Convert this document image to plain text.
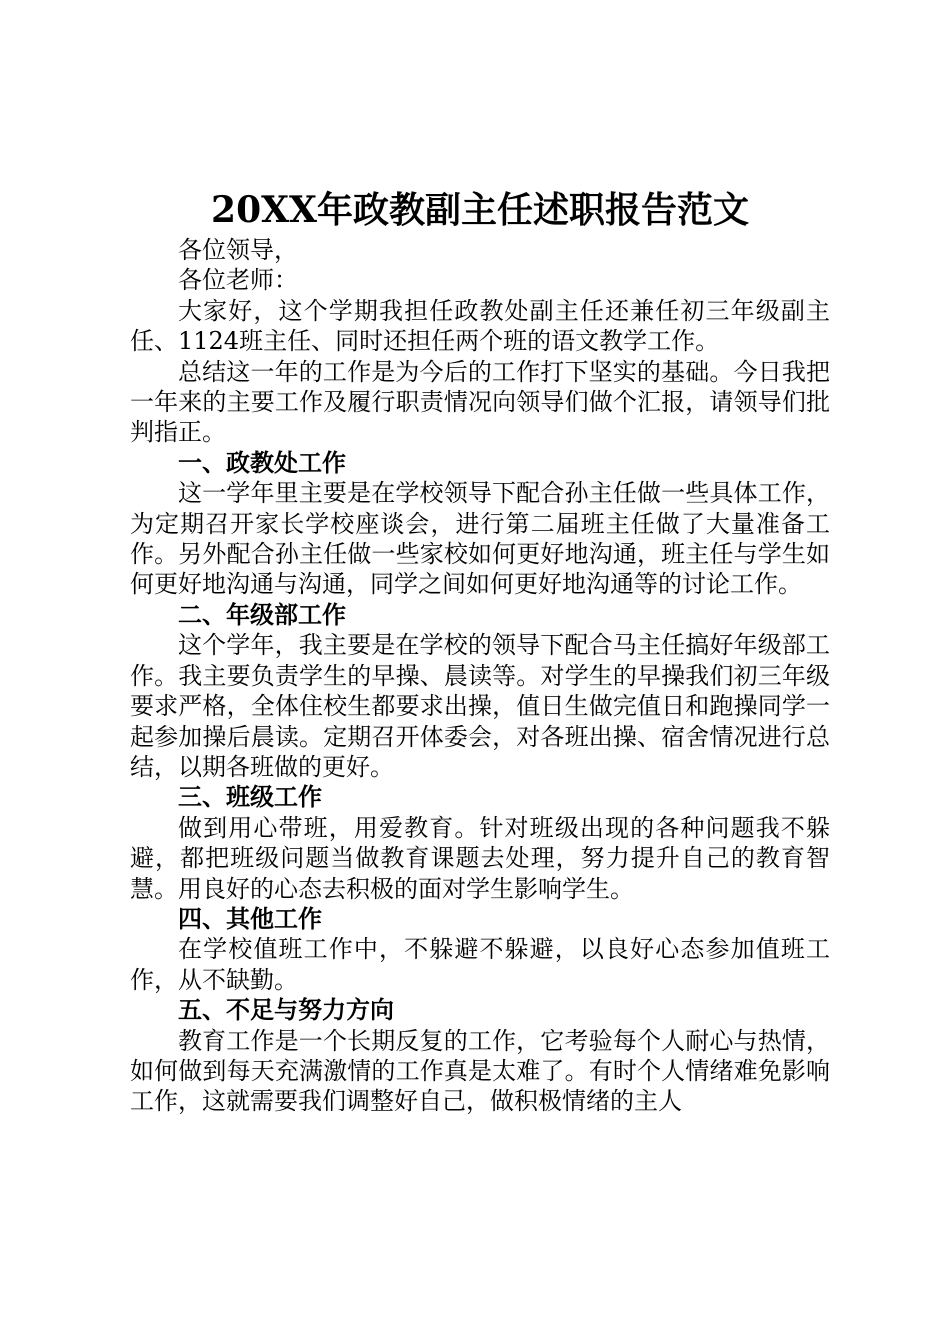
20XX年政教副主任述职报告范文

各位领导，

各位老师：

大家好，这个学期我担任政教处副主任还兼任初三年级副主任、1124班主任、同时还担任两个班的语文教学工作。

总结这一年的工作是为今后的工作打下坚实的基础。今日我把一年来的主要工作及履行职责情况向领导们做个汇报，请领导们批判指正。

一、政教处工作

这一学年里主要是在学校领导下配合孙主任做一些具体工作，为定期召开家长学校座谈会，进行第二届班主任做了大量准备工作。另外配合孙主任做一些家校如何更好地沟通，班主任与学生如何更好地沟通与沟通，同学之间如何更好地沟通等的讨论工作。

二、年级部工作

这个学年，我主要是在学校的领导下配合马主任搞好年级部工作。我主要负责学生的早操、晨读等。对学生的早操我们初三年级要求严格，全体住校生都要求出操，值日生做完值日和跑操同学一起参加操后晨读。定期召开体委会，对各班出操、宿舍情况进行总结，以期各班做的更好。

三、班级工作

做到用心带班，用爱教育。针对班级出现的各种问题我不躲避，都把班级问题当做教育课题去处理，努力提升自己的教育智慧。用良好的心态去积极的面对学生影响学生。

四、其他工作

在学校值班工作中，不躲避不躲避，以良好心态参加值班工作，从不缺勤。

五、不足与努力方向

教育工作是一个长期反复的工作，它考验每个人耐心与热情，如何做到每天充满激情的工作真是太难了。有时个人情绪难免影响工作，这就需要我们调整好自己，做积极情绪的主人
